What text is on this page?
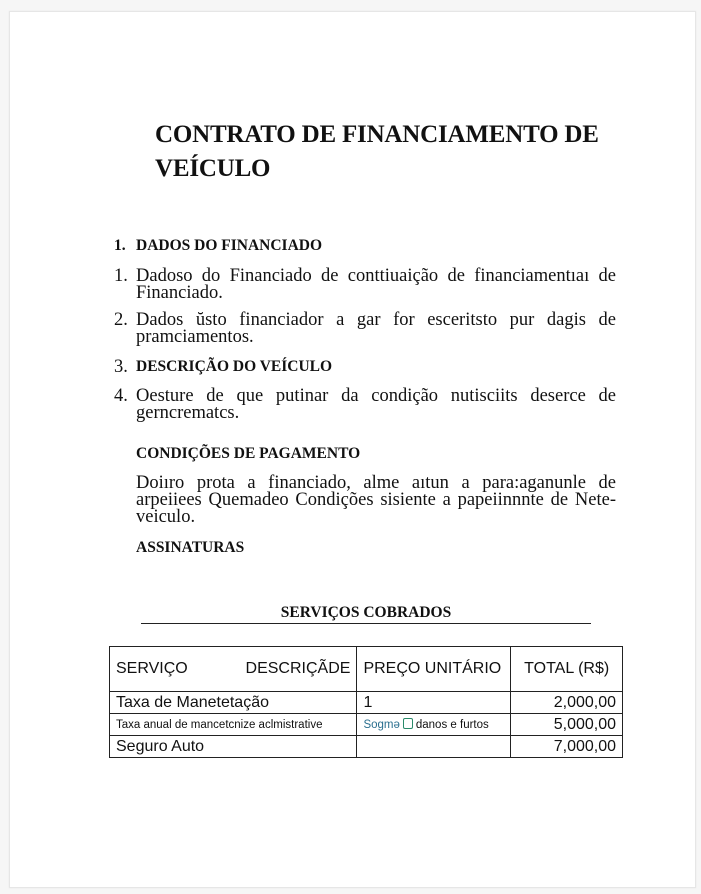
CONTRATO DE FINANCIAMENTO DE VEÍCULO
1. DADOS DO FINANCIADO
1. Dadoso do Financiado de conttiuaição de financiamentıaı de Financiado.
2. Dados ŭsto financiador a gar for esceritsto pur dagis de pramciamentos.
3. DESCRIÇÃO DO VEÍCULO
4. Oesture de que putinar da condição nutisciits deserce de gerncrematcs.
CONDIÇÕES DE PAGAMENTO
Doiıro prota a financiado, alme aıtun a para:aganunle de arpeiiees Quemadeo Condições sisiente a papeiinnnte de Nete-veiculo.
ASSINATURAS
SERVIÇOS COBRADOS
SERVIÇO DESCRIÇÃDE	PREÇO UNITÁRIO	TOTAL (R$)
Taxa de Manetetação	1	2,000,00
Taxa anual de mancetcnize aclmistrative	Sogmə danos e furtos	5,000,00
Seguro Auto		7,000,00
